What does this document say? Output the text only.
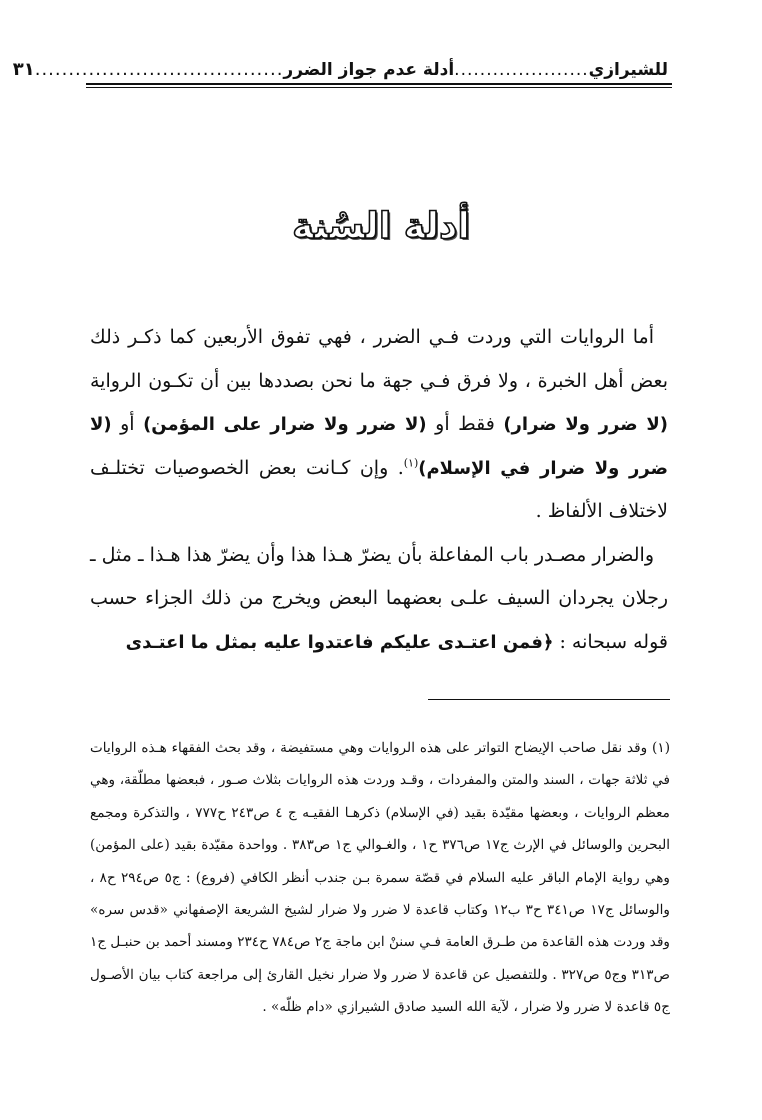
للشيرازي
.....................
أدلة عدم جواز الضرر
.....................................
٣١
أدلة السُنة

أما الروايات التي وردت فـي الضرر ، فهي تفوق الأربعين كما ذكـر ذلك بعض أهل الخبرة ، ولا فرق فـي جهة ما نحن بصددها بين أن تكـون الرواية (لا ضرر ولا ضرار) فقط أو (لا ضرر ولا ضرار على المؤمن) أو (لا ضرر ولا ضرار في الإسلام)$^{(١)}$. وإن كـانت بعض الخصوصيات تختلـف لاختلاف الألفاظ .

والضرار مصـدر باب المفاعلة بأن يضرّ هـذا هذا وأن يضرّ هذا هـذا ـ مثل ـ رجلان يجردان السيف علـى بعضهما البعض ويخرج من ذلك الجزاء حسب قوله سبحانه : ﴿فمن اعتـدى عليكم فاعتدوا عليه بمثل ما اعتـدى

(١) وقد نقل صاحب الإيضاح التواتر على هذه الروايات وهي مستفيضة ، وقد بحث الفقهاء هـذه الروايات في ثلاثة جهات ، السند والمتن والمفردات ، وقـد وردت هذه الروايات بثلاث صـور ، فبعضها مطلّقة، وهي معظم الروايات ، وبعضها مقيّدة بقيد (في الإسلام) ذكرهـا الفقيـه ج ٤ ص٢٤٣ ح٧٧٧ ، والتذكرة ومجمع البحرين والوسائل في الإرث ج١٧ ص٣٧٦ ح١ ، والغـوالي ج١ ص٣٨٣ . وواحدة مقيّدة بقيد (على المؤمن) وهي رواية الإمام الباقر عليه السلام في قصّة سمرة بـن جندب أنظر الكافي (فروع) : ج٥ ص٢٩٤ ح٨ ، والوسائل ج١٧ ص٣٤١ ح٣ ب١٢ وكتاب قاعدة لا ضرر ولا ضرار لشيخ الشريعة الإصفهاني «قدس سره» وقد وردت هذه القاعدة من طـرق العامة فـي سننْ ابن ماجة ج٢ ص٧٨٤ ح٢٣٤ ومسند أحمد بن حنبـل ج١ ص٣١٣ وج٥ ص٣٢٧ . وللتفصيل عن قاعدة لا ضرر ولا ضرار نخيل القارئ إلى مراجعة كتاب بيان الأصـول ج٥ قاعدة لا ضرر ولا ضرار ، لآية الله السيد صادق الشيرازي «دام ظلّه» .
